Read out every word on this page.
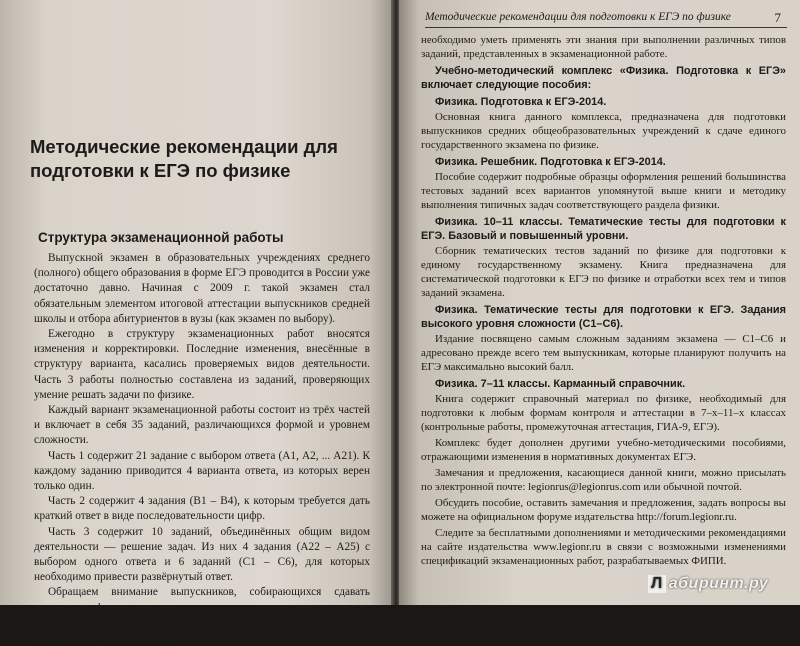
Методические рекомендации для подготовки к ЕГЭ по физике
Структура экзаменационной работы

Выпускной экзамен в образовательных учреждениях среднего (полного) общего образования в форме ЕГЭ проводится в России уже достаточно давно. Начиная с 2009 г. такой экзамен стал обязательным элементом итоговой аттестации выпускников средней школы и отбора абитуриентов в вузы (как экзамен по выбору).

Ежегодно в структуру экзаменационных работ вносятся изменения и корректировки. Последние изменения, внесённые в структуру варианта, касались проверяемых видов деятельности. Часть 3 работы полностью составлена из заданий, проверяющих умение решать задачи по физике.

Каждый вариант экзаменационной работы состоит из трёх частей и включает в себя 35 заданий, различающихся формой и уровнем сложности.

Часть 1 содержит 21 задание с выбором ответа (А1, А2, ... А21). К каждому заданию приводится 4 варианта ответа, из которых верен только один.

Часть 2 содержит 4 задания (В1 – В4), к которым требуется дать краткий ответ в виде последовательности цифр.

Часть 3 содержит 10 заданий, объединённых общим видом деятельности — решение задач. Из них 4 задания (А22 – А25) с выбором одного ответа и 6 заданий (С1 – С6), для которых необходимо привести развёрнутый ответ.

Обращаем внимание выпускников, собирающихся сдавать экзамен по физике, что прежде всего им следует твердо заучить основные физические понятия и законы, их связывающие. На следующем этапе подготовки

Методические рекомендации для подготовки к ЕГЭ по физике	7

необходимо уметь применять эти знания при выполнении различных типов заданий, представленных в экзаменационной работе.

Учебно-методический комплекс «Физика. Подготовка к ЕГЭ» включает следующие пособия:

Физика. Подготовка к ЕГЭ-2014.

Основная книга данного комплекса, предназначена для подготовки выпускников средних общеобразовательных учреждений к сдаче единого государственного экзамена по физике.

Физика. Решебник. Подготовка к ЕГЭ-2014.

Пособие содержит подробные образцы оформления решений большинства тестовых заданий всех вариантов упомянутой выше книги и методику выполнения типичных задач соответствующего раздела физики.

Физика. 10–11 классы. Тематические тесты для подготовки к ЕГЭ. Базовый и повышенный уровни.

Сборник тематических тестов заданий по физике для подготовки к единому государственному экзамену. Книга предназначена для систематической подготовки к ЕГЭ по физике и отработки всех тем и типов заданий экзамена.

Физика. Тематические тесты для подготовки к ЕГЭ. Задания высокого уровня сложности (С1–С6).

Издание посвящено самым сложным заданиям экзамена — С1–С6 и адресовано прежде всего тем выпускникам, которые планируют получить на ЕГЭ максимально высокий балл.

Физика. 7–11 классы. Карманный справочник.

Книга содержит справочный материал по физике, необходимый для подготовки к любым формам контроля и аттестации в 7–х–11–х классах (контрольные работы, промежуточная аттестация, ГИА-9, ЕГЭ).

Комплекс будет дополнен другими учебно-методическими пособиями, отражающими изменения в нормативных документах ЕГЭ.

Замечания и предложения, касающиеся данной книги, можно присылать по электронной почте: legionrus@legionrus.com или обычной почтой.

Обсудить пособие, оставить замечания и предложения, задать вопросы вы можете на официальном форуме издательства http://forum.legionr.ru.

Следите за бесплатными дополнениями и методическими рекомендациями на сайте издательства www.legionr.ru в связи с возможными изменениями спецификаций экзаменационных работ, разрабатываемых ФИПИ.

Л абиринт.ру
